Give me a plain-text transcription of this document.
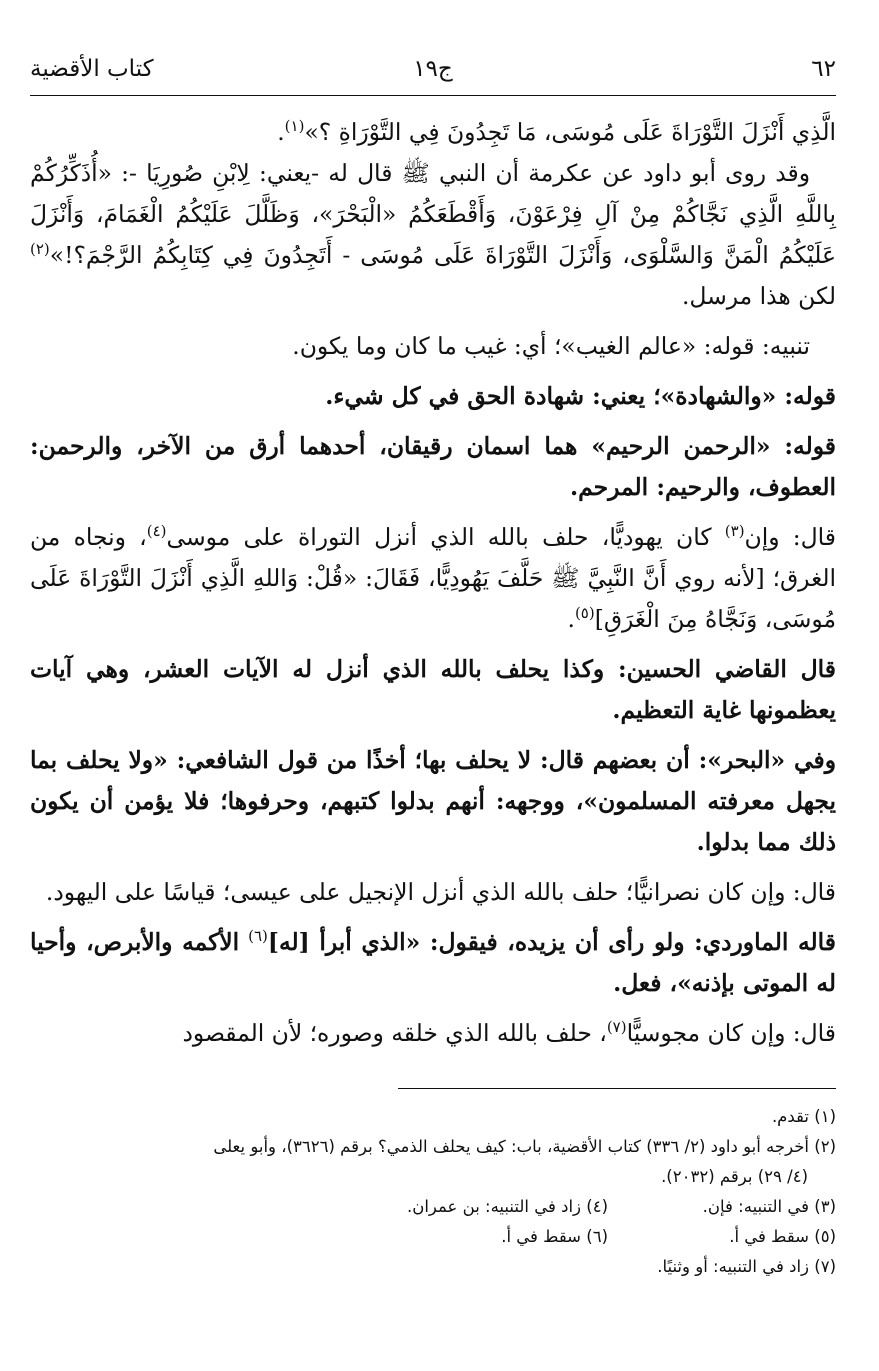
٦٢
ج١٩
كتاب الأقضية

الَّذِي أَنْزَلَ التَّوْرَاةَ عَلَى مُوسَى، مَا تَجِدُونَ فِي التَّوْرَاةِ ؟»$^{(١)}$.

وقد روى أبو داود عن عكرمة أن النبي ﷺ قال له -يعني: لِابْنِ صُورِيَا -: «أُذَكِّرُكُمْ بِاللَّهِ الَّذِي نَجَّاكُمْ مِنْ آلِ فِرْعَوْنَ، وَأَقْطَعَكُمُ «الْبَحْرَ»، وَظَلَّلَ عَلَيْكُمُ الْغَمَامَ، وَأَنْزَلَ عَلَيْكُمُ الْمَنَّ وَالسَّلْوَى، وَأَنْزَلَ التَّوْرَاةَ عَلَى مُوسَى - أَتَجِدُونَ فِي كِتَابِكُمُ الرَّجْمَ؟!»$^{(٢)}$ لكن هذا مرسل.

تنبيه: قوله: «عالم الغيب»؛ أي: غيب ما كان وما يكون.

قوله: «والشهادة»؛ يعني: شهادة الحق في كل شيء.

قوله: «الرحمن الرحيم» هما اسمان رقيقان، أحدهما أرق من الآخر، والرحمن: العطوف، والرحيم: المرحم.

قال: وإن$^{(٣)}$ كان يهوديًّا، حلف بالله الذي أنزل التوراة على موسى$^{(٤)}$، ونجاه من الغرق؛ [لأنه روي أَنَّ النَّبِيَّ ﷺ حَلَّفَ يَهُودِيًّا، فَقَالَ: «قُلْ: وَاللهِ الَّذِي أَنْزَلَ التَّوْرَاةَ عَلَى مُوسَى، وَنَجَّاهُ مِنَ الْغَرَقِ]$^{(٥)}$.

قال القاضي الحسين: وكذا يحلف بالله الذي أنزل له الآيات العشر، وهي آيات يعظمونها غاية التعظيم.

وفي «البحر»: أن بعضهم قال: لا يحلف بها؛ أخذًا من قول الشافعي: «ولا يحلف بما يجهل معرفته المسلمون»، ووجهه: أنهم بدلوا كتبهم، وحرفوها؛ فلا يؤمن أن يكون ذلك مما بدلوا.

قال: وإن كان نصرانيًّا؛ حلف بالله الذي أنزل الإنجيل على عيسى؛ قياسًا على اليهود.

قاله الماوردي: ولو رأى أن يزيده، فيقول: «الذي أبرأ [له]$^{(٦)}$ الأكمه والأبرص، وأحيا له الموتى بإذنه»، فعل.

قال: وإن كان مجوسيًّا$^{(٧)}$، حلف بالله الذي خلقه وصوره؛ لأن المقصود

(١) تقدم.
(٢) أخرجه أبو داود (٢/ ٣٣٦) كتاب الأقضية، باب: كيف يحلف الذمي؟ برقم (٣٦٢٦)، وأبو يعلى
(٤/ ٢٩) برقم (٢٠٣٢).
(٣) في التنبيه: فإن.
(٤) زاد في التنبيه: بن عمران.
(٥) سقط في أ.
(٦) سقط في أ.
(٧) زاد في التنبيه: أو وثنيًا.
